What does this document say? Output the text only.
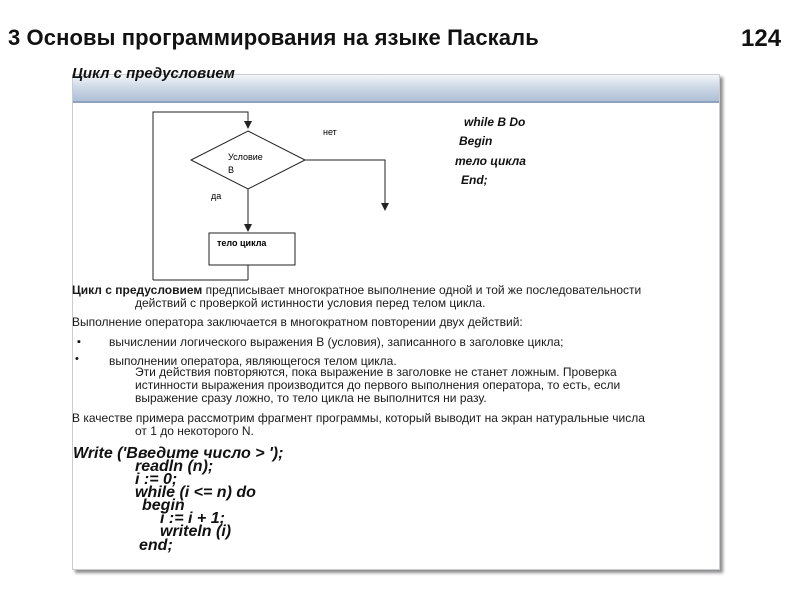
3 Основы программирования на языке Паскаль	124
Цикл с предусловием
Условие
B
нет
да
тело цикла
while B Do
Begin
тело цикла
End;
Цикл с предусловием предписывает многократное выполнение одной и той же последовательности
действий с проверкой истинности условия перед телом цикла.
Выполнение оператора заключается в многократном повторении двух действий:
▪ вычислении логического выражения B (условия), записанного в заголовке цикла;
•	выполнении оператора, являющегося телом цикла.
Эти действия повторяются, пока выражение в заголовке не станет ложным. Проверка
истинности выражения производится до первого выполнения оператора, то есть, если
выражение сразу ложно, то тело цикла не выполнится ни разу.
В качестве примера рассмотрим фрагмент программы, который выводит на экран натуральные числа
от 1 до некоторого N.
Write ('Введите число > ');
readln (n);
i := 0;
while (i <= n) do
begin
i := i + 1;
writeln (i)
end;
